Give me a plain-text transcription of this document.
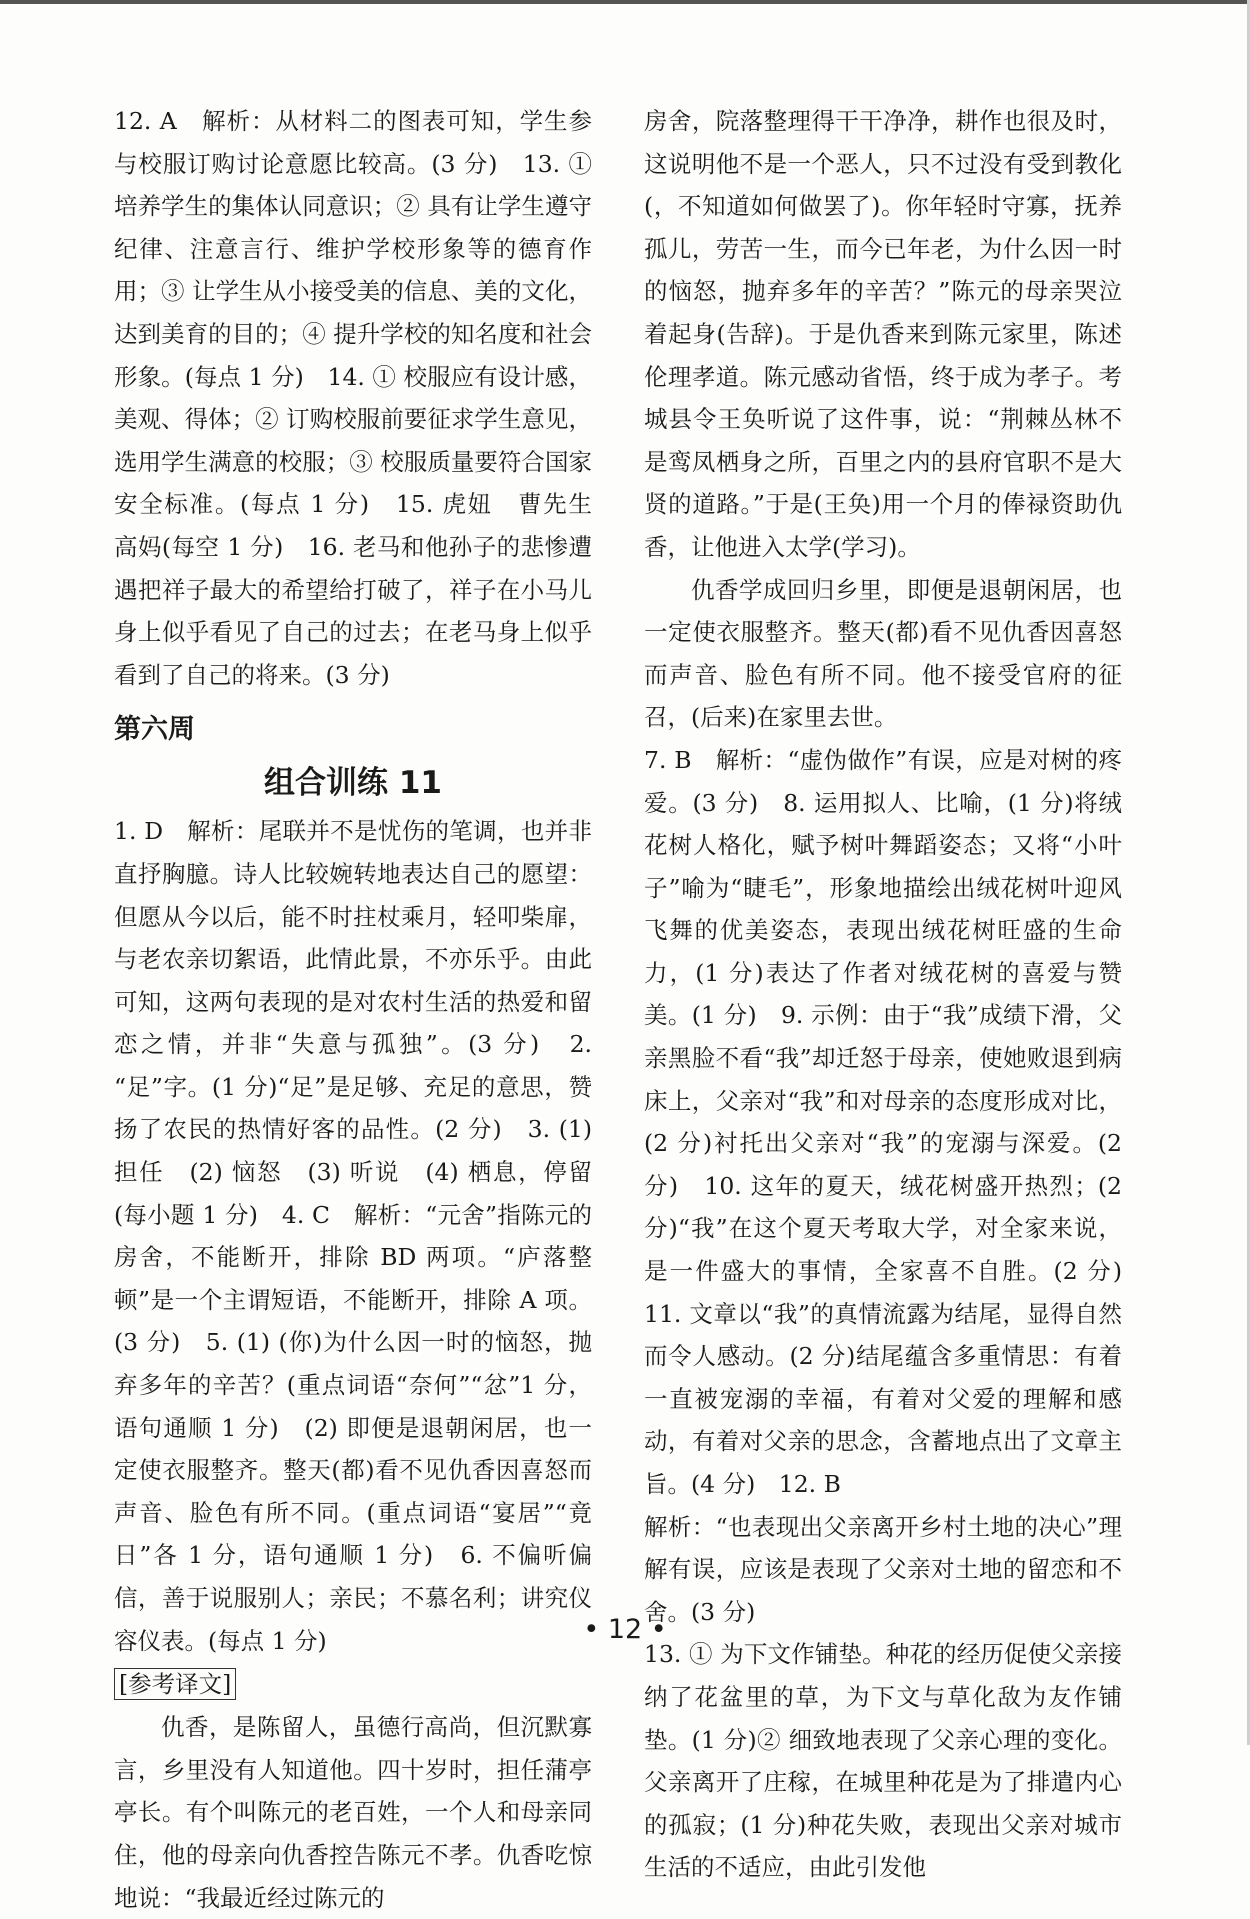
12. A　解析：从材料二的图表可知，学生参与校服订购讨论意愿比较高。(3 分)　13. ① 培养学生的集体认同意识；② 具有让学生遵守纪律、注意言行、维护学校形象等的德育作用；③ 让学生从小接受美的信息、美的文化，达到美育的目的；④ 提升学校的知名度和社会形象。(每点 1 分)　14. ① 校服应有设计感，美观、得体；② 订购校服前要征求学生意见，选用学生满意的校服；③ 校服质量要符合国家安全标准。(每点 1 分)　15. 虎妞　曹先生　高妈(每空 1 分)　16. 老马和他孙子的悲惨遭遇把祥子最大的希望给打破了，祥子在小马儿身上似乎看见了自己的过去；在老马身上似乎看到了自己的将来。(3 分)

第六周
组合训练 11

1. D　解析：尾联并不是忧伤的笔调，也并非直抒胸臆。诗人比较婉转地表达自己的愿望：但愿从今以后，能不时拄杖乘月，轻叩柴扉，与老农亲切絮语，此情此景，不亦乐乎。由此可知，这两句表现的是对农村生活的热爱和留恋之情，并非“失意与孤独”。(3 分)　2. “足”字。(1 分)“足”是足够、充足的意思，赞扬了农民的热情好客的品性。(2 分)　3. (1) 担任　(2) 恼怒　(3) 听说　(4) 栖息，停留(每小题 1 分)　4. C　解析：“元舍”指陈元的房舍，不能断开，排除 BD 两项。“庐落整顿”是一个主谓短语，不能断开，排除 A 项。(3 分)　5. (1) (你)为什么因一时的恼怒，抛弃多年的辛苦？(重点词语“奈何”“忿”1 分，语句通顺 1 分)　(2) 即便是退朝闲居，也一定使衣服整齐。整天(都)看不见仇香因喜怒而声音、脸色有所不同。(重点词语“宴居”“竟日”各 1 分，语句通顺 1 分)　6. 不偏听偏信，善于说服别人；亲民；不慕名利；讲究仪容仪表。(每点 1 分)

[参考译文]

仇香，是陈留人，虽德行高尚，但沉默寡言，乡里没有人知道他。四十岁时，担任蒲亭亭长。有个叫陈元的老百姓，一个人和母亲同住，他的母亲向仇香控告陈元不孝。仇香吃惊地说：“我最近经过陈元的

房舍，院落整理得干干净净，耕作也很及时，这说明他不是一个恶人，只不过没有受到教化(，不知道如何做罢了)。你年轻时守寡，抚养孤儿，劳苦一生，而今已年老，为什么因一时的恼怒，抛弃多年的辛苦？”陈元的母亲哭泣着起身(告辞)。于是仇香来到陈元家里，陈述伦理孝道。陈元感动省悟，终于成为孝子。考城县令王奂听说了这件事，说：“荆棘丛林不是鸾凤栖身之所，百里之内的县府官职不是大贤的道路。”于是(王奂)用一个月的俸禄资助仇香，让他进入太学(学习)。

仇香学成回归乡里，即便是退朝闲居，也一定使衣服整齐。整天(都)看不见仇香因喜怒而声音、脸色有所不同。他不接受官府的征召，(后来)在家里去世。

7. B　解析：“虚伪做作”有误，应是对树的疼爱。(3 分)　8. 运用拟人、比喻，(1 分)将绒花树人格化，赋予树叶舞蹈姿态；又将“小叶子”喻为“睫毛”，形象地描绘出绒花树叶迎风飞舞的优美姿态，表现出绒花树旺盛的生命力，(1 分)表达了作者对绒花树的喜爱与赞美。(1 分)　9. 示例：由于“我”成绩下滑，父亲黑脸不看“我”却迁怒于母亲，使她败退到病床上，父亲对“我”和对母亲的态度形成对比，(2 分)衬托出父亲对“我”的宠溺与深爱。(2 分)　10. 这年的夏天，绒花树盛开热烈；(2 分)“我”在这个夏天考取大学，对全家来说，是一件盛大的事情，全家喜不自胜。(2 分)　11. 文章以“我”的真情流露为结尾，显得自然而令人感动。(2 分)结尾蕴含多重情思：有着一直被宠溺的幸福，有着对父爱的理解和感动，有着对父亲的思念，含蓄地点出了文章主旨。(4 分)　12. B

解析：“也表现出父亲离开乡村土地的决心”理解有误，应该是表现了父亲对土地的留恋和不舍。(3 分)

13. ① 为下文作铺垫。种花的经历促使父亲接纳了花盆里的草，为下文与草化敌为友作铺垫。(1 分)② 细致地表现了父亲心理的变化。父亲离开了庄稼，在城里种花是为了排遣内心的孤寂；(1 分)种花失败，表现出父亲对城市生活的不适应，由此引发他

• 12 •
